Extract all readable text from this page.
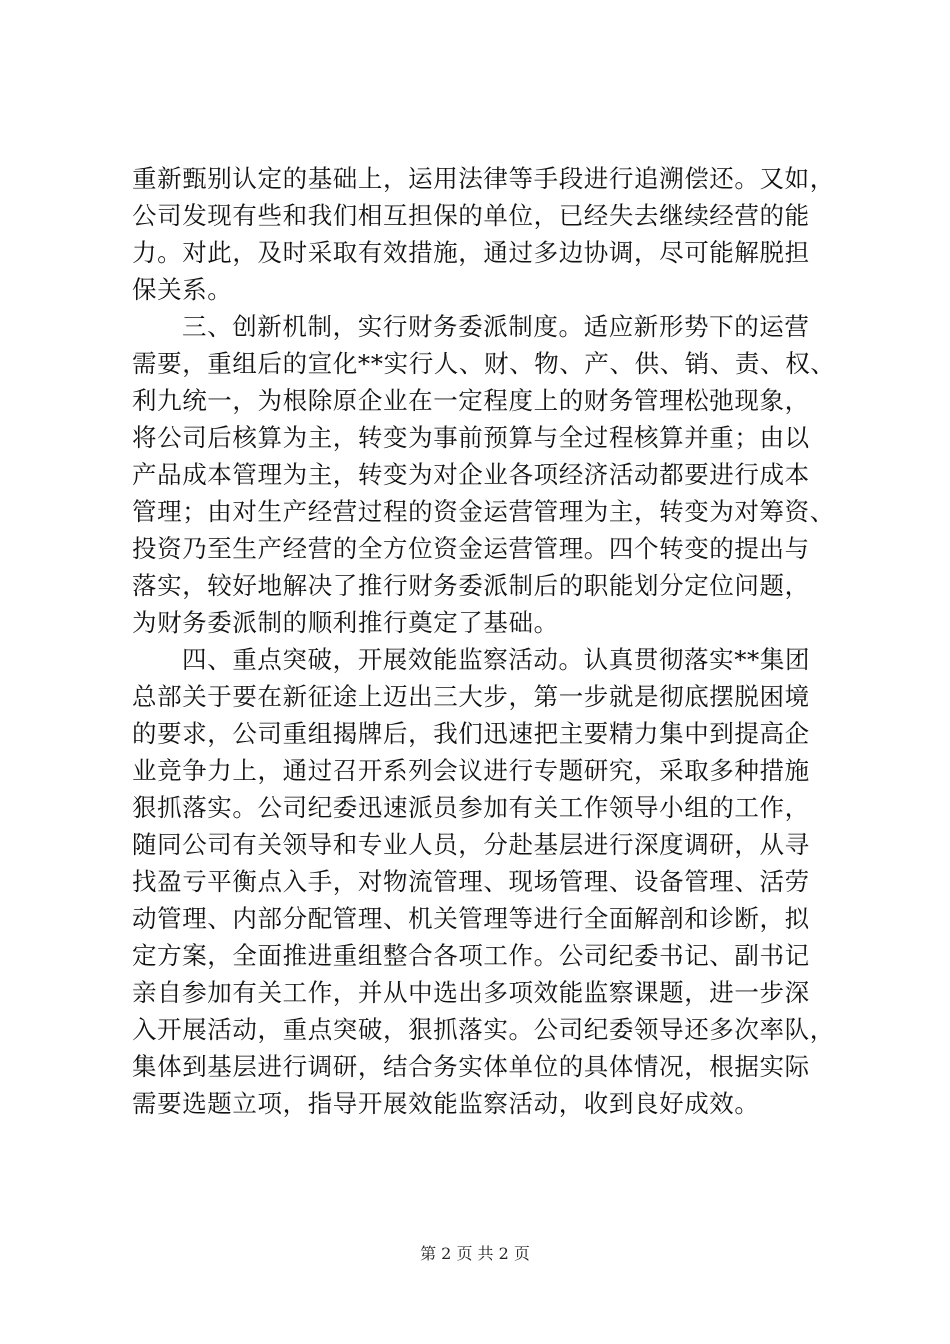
重新甄别认定的基础上，运用法律等手段进行追溯偿还。又如，
公司发现有些和我们相互担保的单位，已经失去继续经营的能
力。对此，及时采取有效措施，通过多边协调，尽可能解脱担
保关系。
三、创新机制，实行财务委派制度。适应新形势下的运营
需要，重组后的宣化**实行人、财、物、产、供、销、责、权、
利九统一，为根除原企业在一定程度上的财务管理松弛现象，
将公司后核算为主，转变为事前预算与全过程核算并重；由以
产品成本管理为主，转变为对企业各项经济活动都要进行成本
管理；由对生产经营过程的资金运营管理为主，转变为对筹资、
投资乃至生产经营的全方位资金运营管理。四个转变的提出与
落实，较好地解决了推行财务委派制后的职能划分定位问题，
为财务委派制的顺利推行奠定了基础。
四、重点突破，开展效能监察活动。认真贯彻落实**集团
总部关于要在新征途上迈出三大步，第一步就是彻底摆脱困境
的要求，公司重组揭牌后，我们迅速把主要精力集中到提高企
业竞争力上，通过召开系列会议进行专题研究，采取多种措施
狠抓落实。公司纪委迅速派员参加有关工作领导小组的工作，
随同公司有关领导和专业人员，分赴基层进行深度调研，从寻
找盈亏平衡点入手，对物流管理、现场管理、设备管理、活劳
动管理、内部分配管理、机关管理等进行全面解剖和诊断，拟
定方案，全面推进重组整合各项工作。公司纪委书记、副书记
亲自参加有关工作，并从中选出多项效能监察课题，进一步深
入开展活动，重点突破，狠抓落实。公司纪委领导还多次率队，
集体到基层进行调研，结合务实体单位的具体情况，根据实际
需要选题立项，指导开展效能监察活动，收到良好成效。
第 2 页 共 2 页
